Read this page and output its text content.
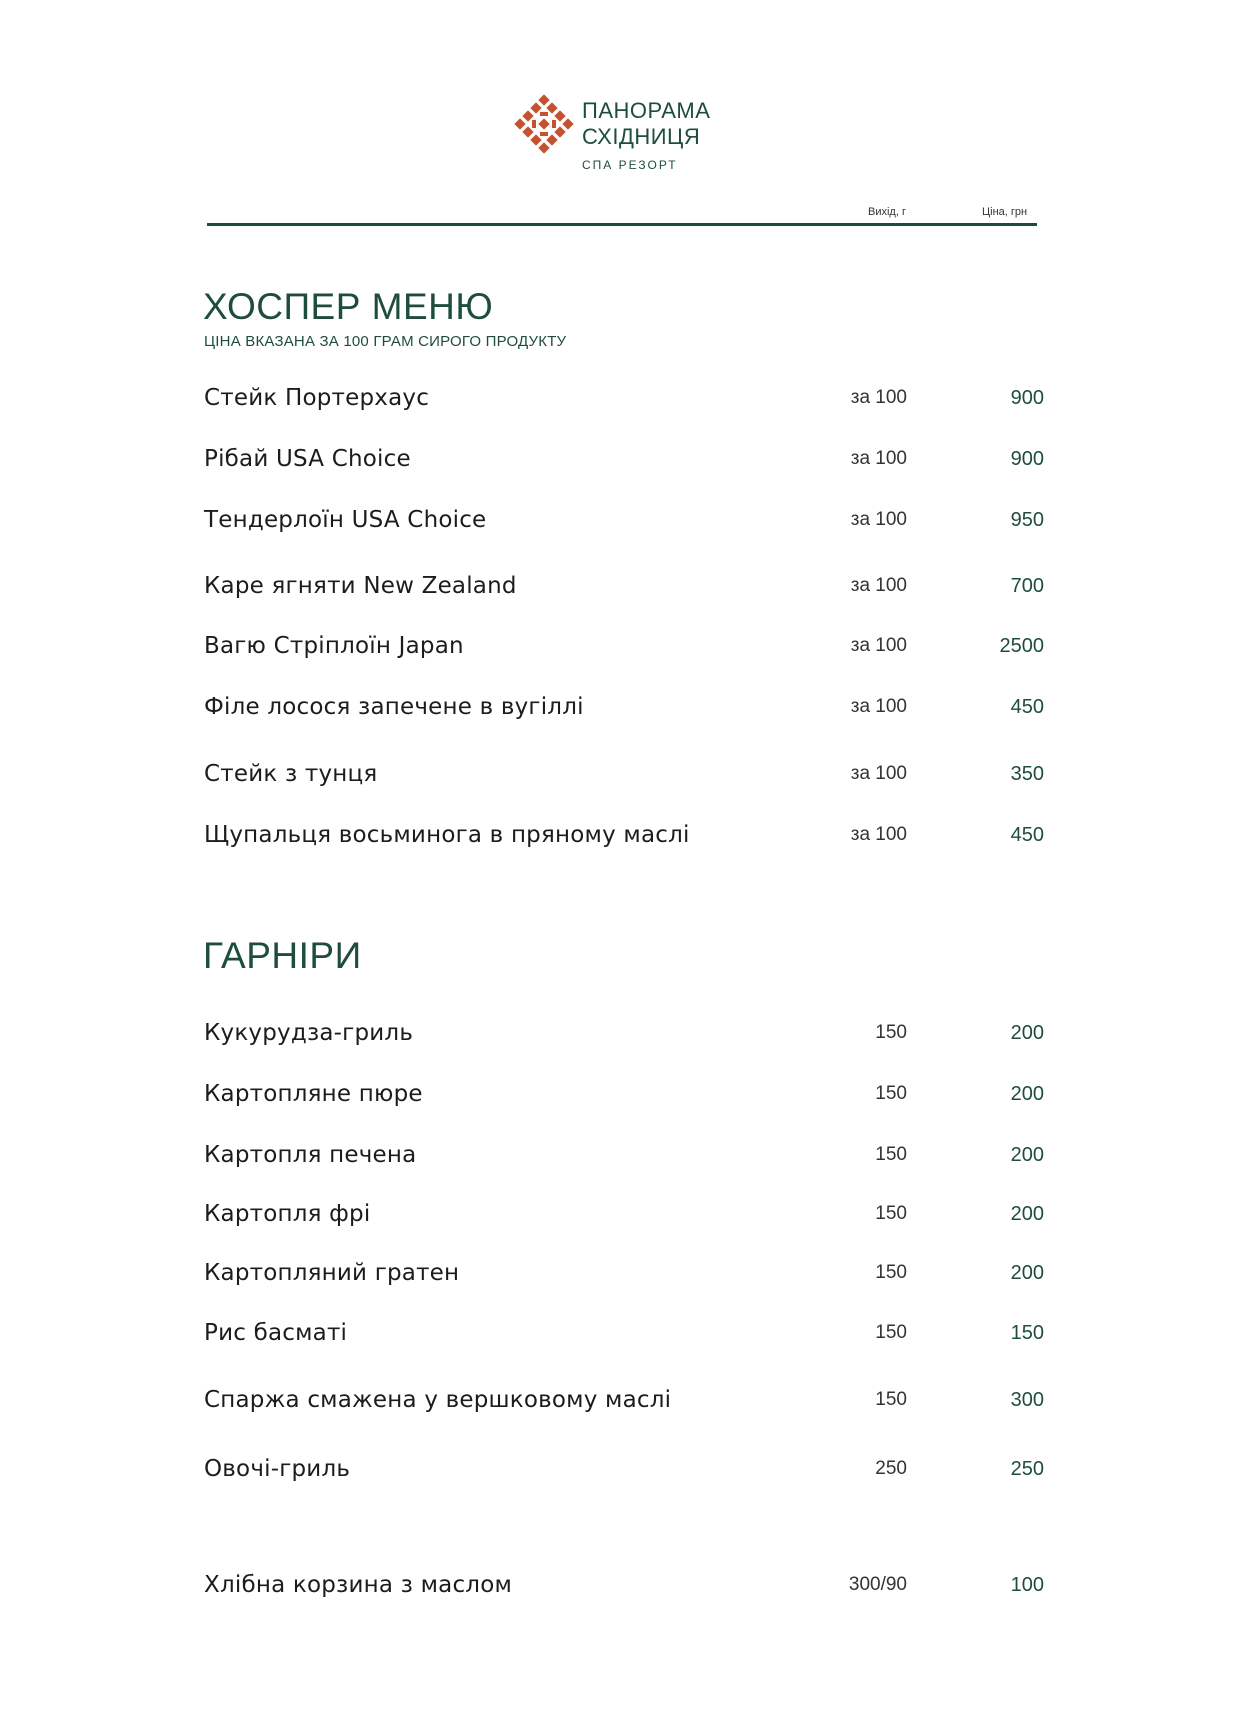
ПАНОРАМА
СХІДНИЦЯ
СПА РЕЗОРТ
Вихід, г	Ціна, грн
ХОСПЕР МЕНЮ
ЦІНА ВКАЗАНА ЗА 100 ГРАМ СИРОГО ПРОДУКТУ
Стейк Портерхаус	за 100	900
Рібай USA Choice	за 100	900
Тендерлоїн USA Choice	за 100	950
Каре ягняти New Zealand	за 100	700
Вагю Стріплоїн Japan	за 100	2500
Філе лосося запечене в вугіллі	за 100	450
Стейк з тунця	за 100	350
Щупальця восьминога в пряному маслі	за 100	450
ГАРНІРИ
Кукурудза-гриль	150	200
Картопляне пюре	150	200
Картопля печена	150	200
Картопля фрі	150	200
Картопляний гратен	150	200
Рис басматі	150	150
Спаржа смажена у вершковому маслі	150	300
Овочі-гриль	250	250
Хлібна корзина з маслом	300/90	100
